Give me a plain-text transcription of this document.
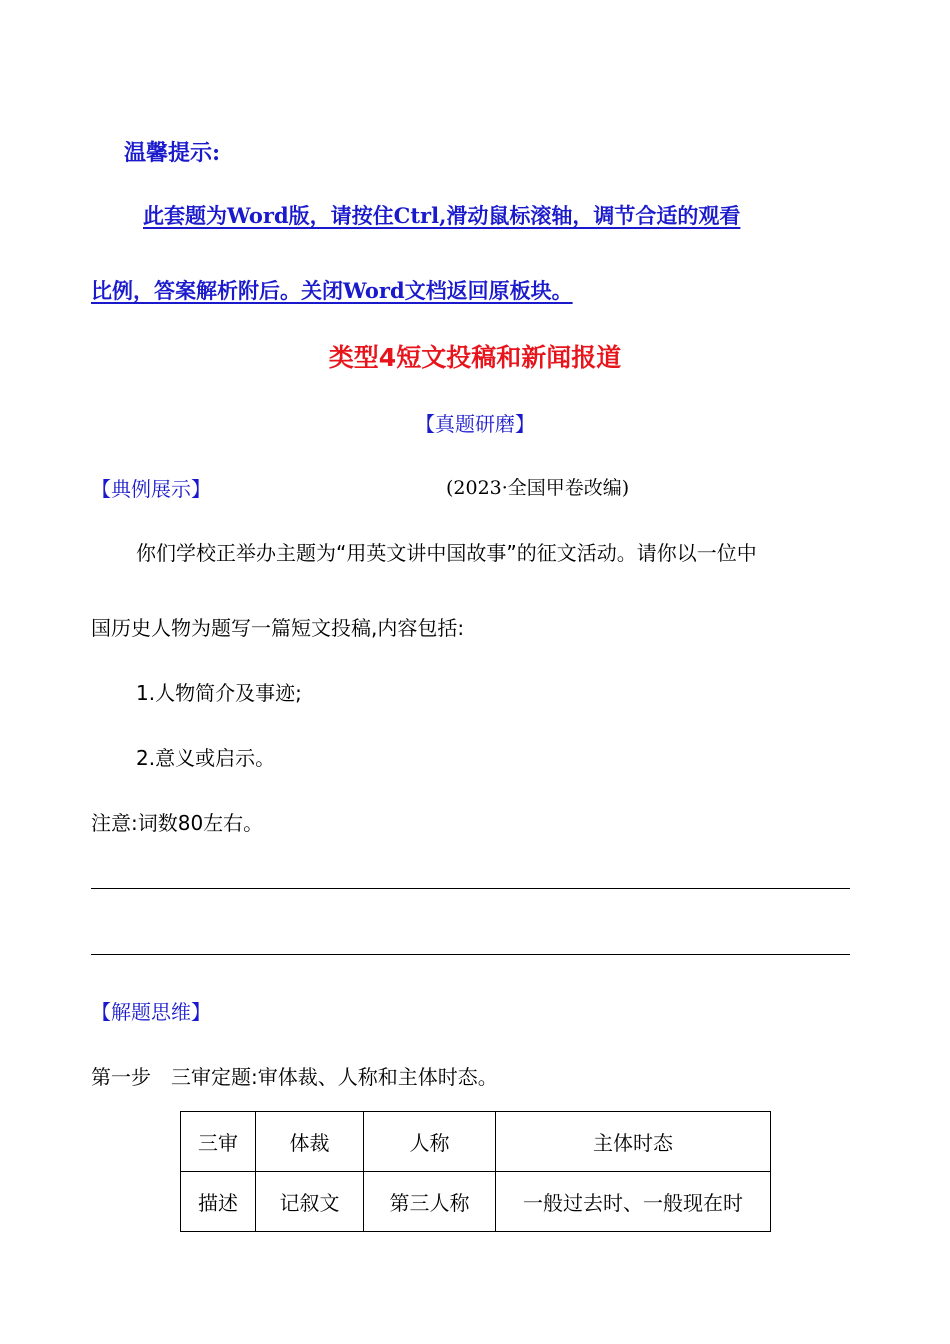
温馨提示:
此套题为Word版，请按住Ctrl,滑动鼠标滚轴，调节合适的观看
比例，答案解析附后。关闭Word文档返回原板块。
类型4短文投稿和新闻报道
【真题研磨】
【典例展示】	(2023·全国甲卷改编)
你们学校正举办主题为“用英文讲中国故事”的征文活动。请你以一位中
国历史人物为题写一篇短文投稿,内容包括:
1.人物简介及事迹;
2.意义或启示。
注意:词数80左右。
【解题思维】
第一步　三审定题:审体裁、人称和主体时态。
三审	体裁	人称	主体时态
描述	记叙文	第三人称	一般过去时、一般现在时
